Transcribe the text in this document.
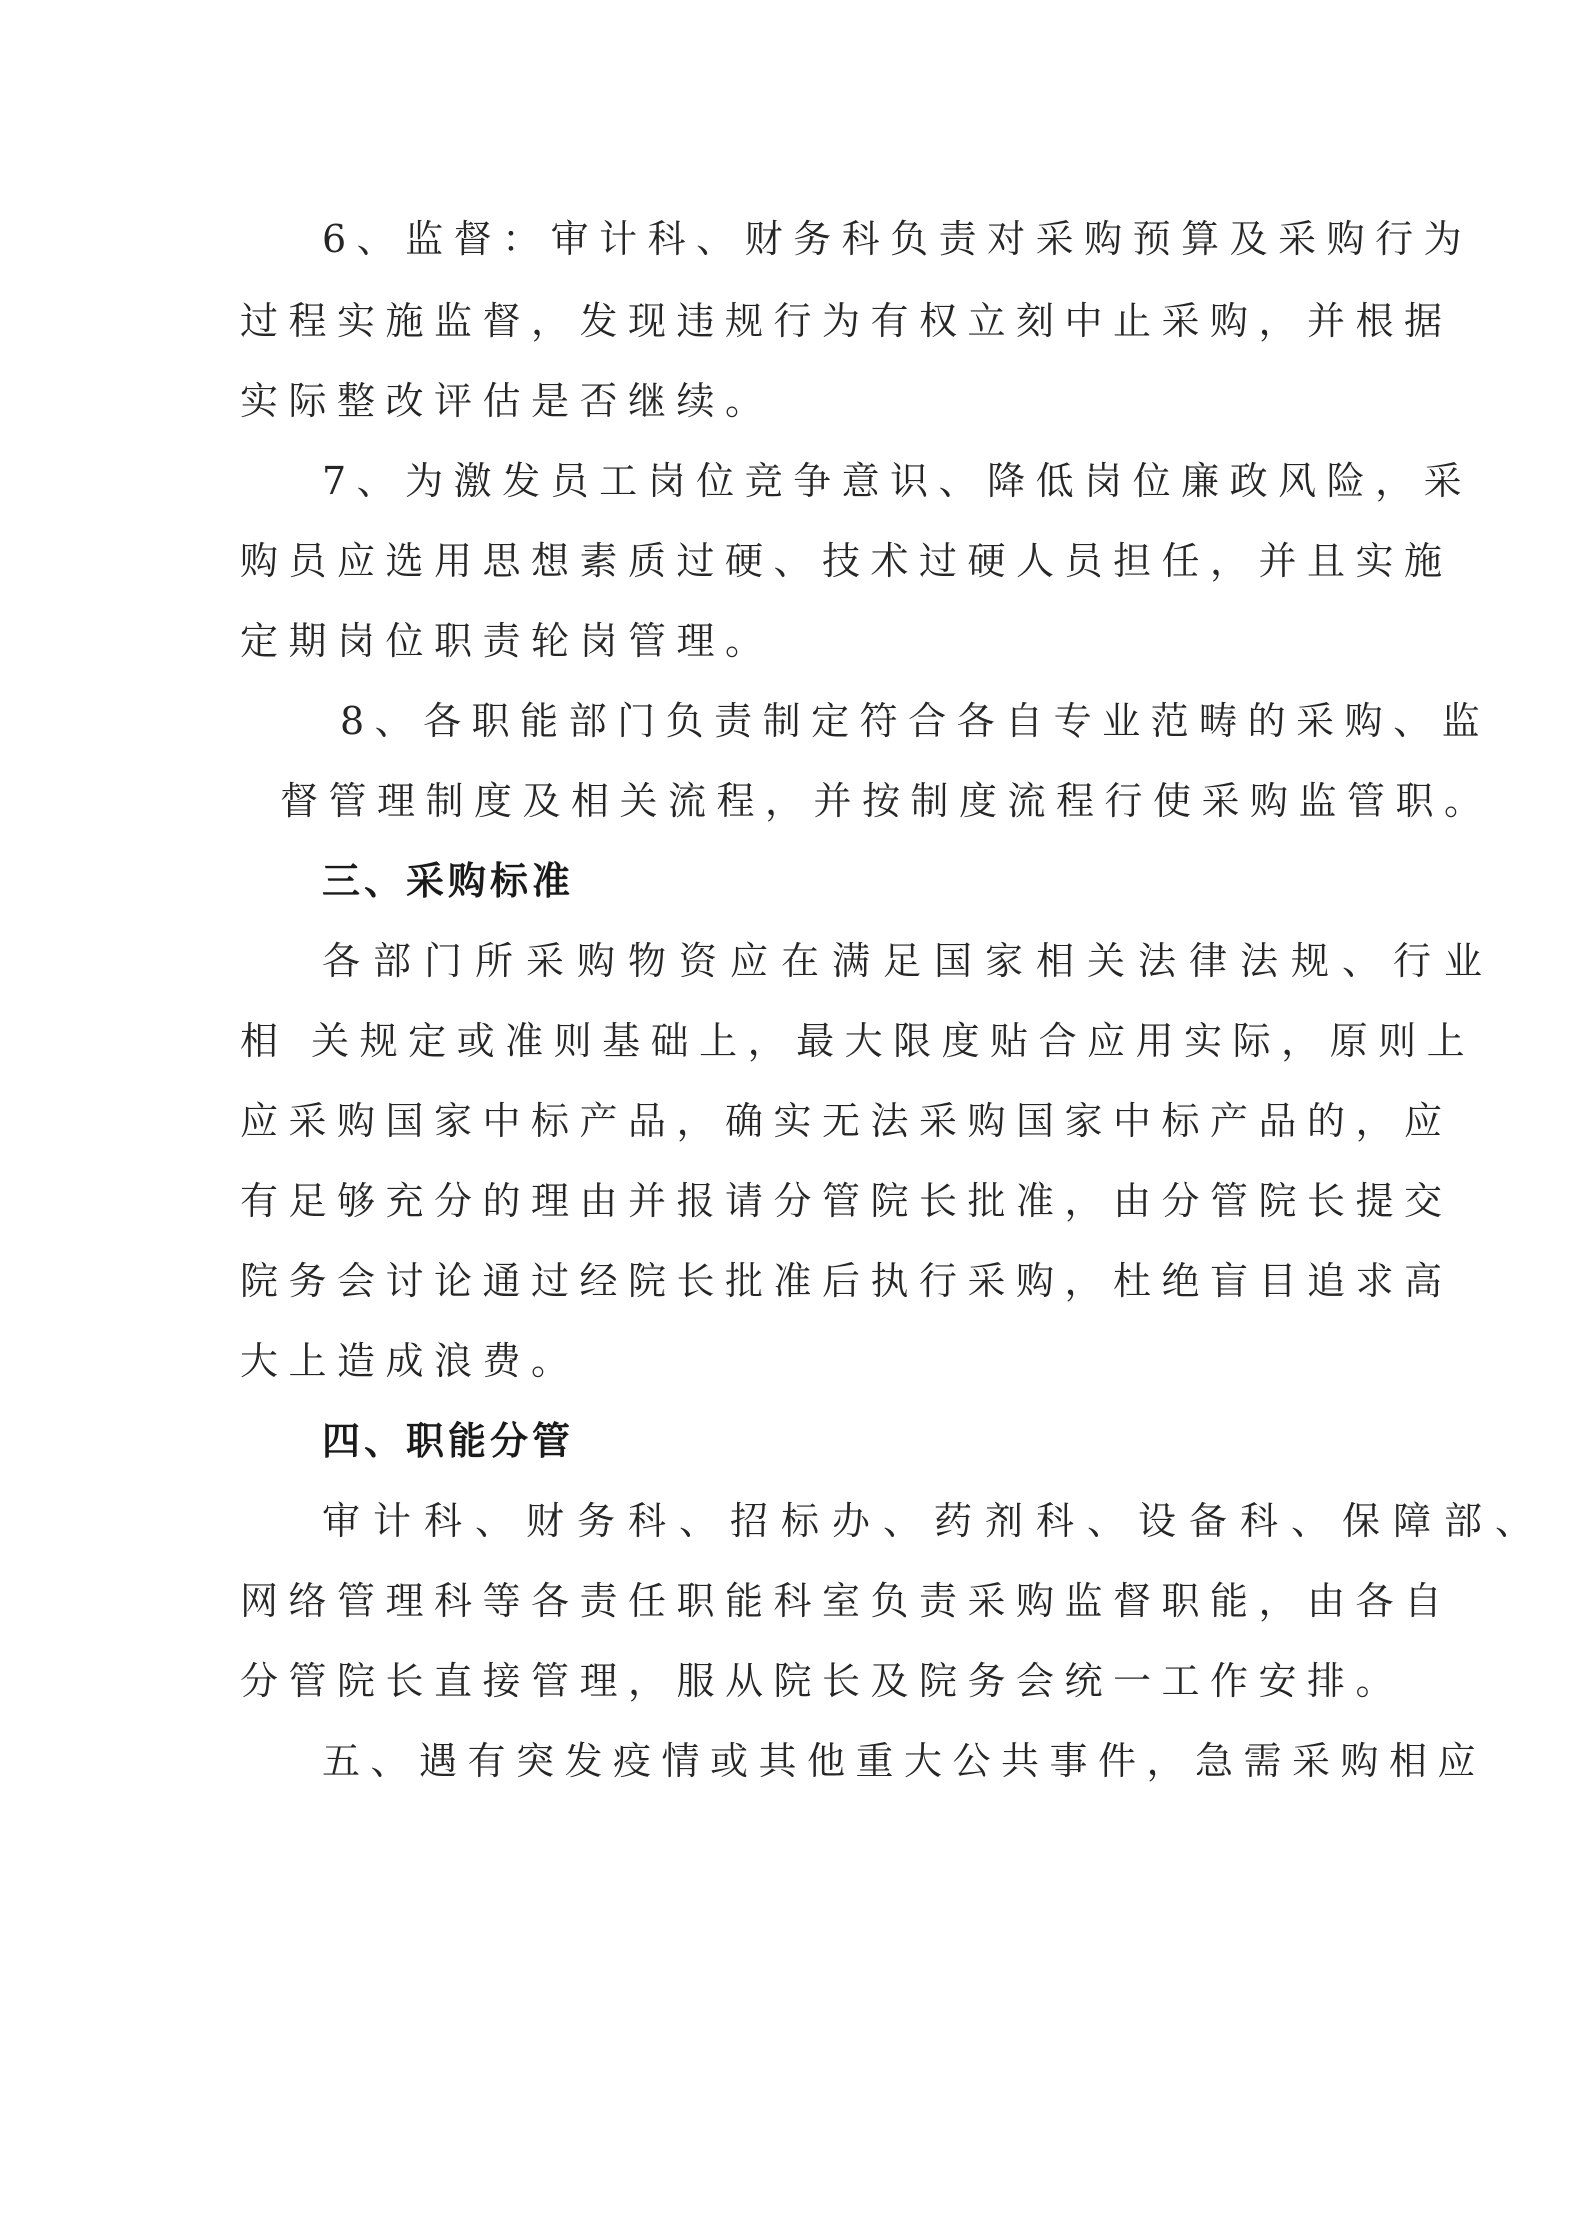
6、监督：审计科、财务科负责对采购预算及采购行为
过程实施监督，发现违规行为有权立刻中止采购，并根据
实际整改评估是否继续。
7、为激发员工岗位竞争意识、降低岗位廉政风险，采
购员应选用思想素质过硬、技术过硬人员担任，并且实施
定期岗位职责轮岗管理。
8、各职能部门负责制定符合各自专业范畴的采购、监
督管理制度及相关流程，并按制度流程行使采购监管职。
三、采购标准
各部门所采购物资应在满足国家相关法律法规、行业
相 关规定或准则基础上，最大限度贴合应用实际，原则上
应采购国家中标产品，确实无法采购国家中标产品的，应
有足够充分的理由并报请分管院长批准，由分管院长提交
院务会讨论通过经院长批准后执行采购，杜绝盲目追求高
大上造成浪费。
四、职能分管
审计科、财务科、招标办、药剂科、设备科、保障部、
网络管理科等各责任职能科室负责采购监督职能，由各自
分管院长直接管理，服从院长及院务会统一工作安排。
五、遇有突发疫情或其他重大公共事件，急需采购相应
